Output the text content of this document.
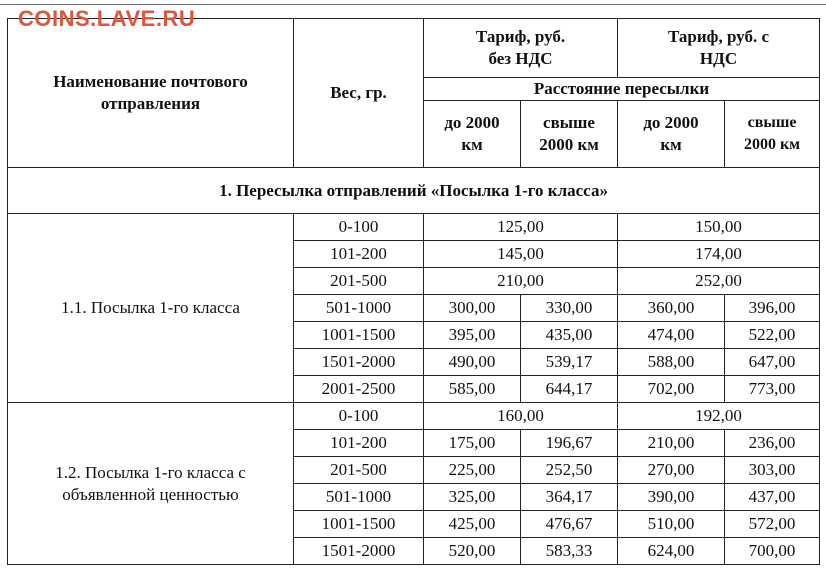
COINS.LAVE.RU
Наименование почтового отправления	Вес, гр.	Тариф, руб. без НДС		Тариф, руб. с НДС	
		Расстояние пересылки			
		до 2000 км	свыше 2000 км	до 2000 км	свыше 2000 км
1. Пересылка отправлений «Посылка 1-го класса»					
1.1. Посылка 1-го класса	0-100	125,00		150,00	
	101-200	145,00		174,00	
	201-500	210,00		252,00	
	501-1000	300,00	330,00	360,00	396,00
	1001-1500	395,00	435,00	474,00	522,00
	1501-2000	490,00	539,17	588,00	647,00
	2001-2500	585,00	644,17	702,00	773,00
1.2. Посылка 1-го класса с объявленной ценностью	0-100	160,00		192,00	
	101-200	175,00	196,67	210,00	236,00
	201-500	225,00	252,50	270,00	303,00
	501-1000	325,00	364,17	390,00	437,00
	1001-1500	425,00	476,67	510,00	572,00
	1501-2000	520,00	583,33	624,00	700,00
